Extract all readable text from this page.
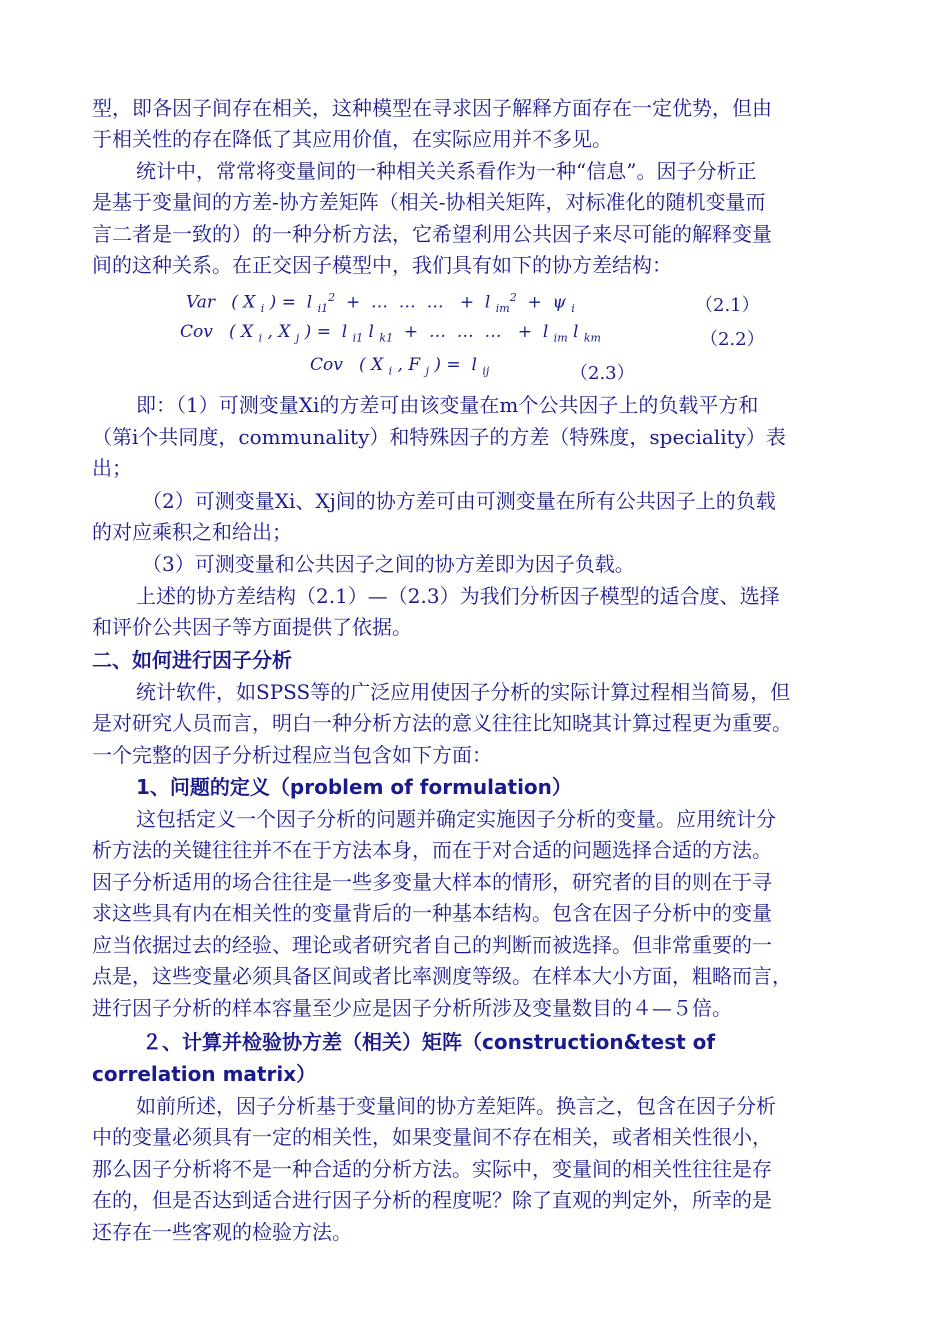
型，即各因子间存在相关，这种模型在寻求因子解释方面存在一定优势，但由

于相关性的存在降低了其应用价值，在实际应用并不多见。

统计中，常常将变量间的一种相关关系看作为一种“信息”。因子分析正

是基于变量间的方差-协方差矩阵（相关-协相关矩阵，对标准化的随机变量而

言二者是一致的）的一种分析方法，它希望利用公共因子来尽可能的解释变量

间的这种关系。在正交因子模型中，我们具有如下的协方差结构：

Var   ( X $_i$ ) =  l $_{i1}^2$  +  …  …  …   +  l $_{im}^2$  +  ψ $_i$	（2.1）
Cov   ( X $_i$ , X $_j$ ) =  l $_{i1}$ l $_{k1}$  +  …  …  …   +  l $_{im}$ l $_{km}$	（2.2）
Cov   ( X $_i$ , F $_j$ ) =  l $_{ij}$	（2.3）

即：（1）可测变量Xi的方差可由该变量在m个公共因子上的负载平方和

（第i个共同度，communality）和特殊因子的方差（特殊度，speciality）表

出；

（2）可测变量Xi、Xj间的协方差可由可测变量在所有公共因子上的负载

的对应乘积之和给出；

（3）可测变量和公共因子之间的协方差即为因子负载。

上述的协方差结构（2.1）—（2.3）为我们分析因子模型的适合度、选择

和评价公共因子等方面提供了依据。

二、如何进行因子分析

统计软件，如SPSS等的广泛应用使因子分析的实际计算过程相当简易，但

是对研究人员而言，明白一种分析方法的意义往往比知晓其计算过程更为重要。

一个完整的因子分析过程应当包含如下方面：

1、问题的定义（problem of formulation）

这包括定义一个因子分析的问题并确定实施因子分析的变量。应用统计分

析方法的关键往往并不在于方法本身，而在于对合适的问题选择合适的方法。

因子分析适用的场合往往是一些多变量大样本的情形，研究者的目的则在于寻

求这些具有内在相关性的变量背后的一种基本结构。包含在因子分析中的变量

应当依据过去的经验、理论或者研究者自己的判断而被选择。但非常重要的一

点是，这些变量必须具备区间或者比率测度等级。在样本大小方面，粗略而言，

进行因子分析的样本容量至少应是因子分析所涉及变量数目的４—５倍。

２、计算并检验协方差（相关）矩阵（construction&test of

correlation matrix）

如前所述，因子分析基于变量间的协方差矩阵。换言之，包含在因子分析

中的变量必须具有一定的相关性，如果变量间不存在相关，或者相关性很小，

那么因子分析将不是一种合适的分析方法。实际中，变量间的相关性往往是存

在的，但是否达到适合进行因子分析的程度呢？除了直观的判定外，所幸的是

还存在一些客观的检验方法。
